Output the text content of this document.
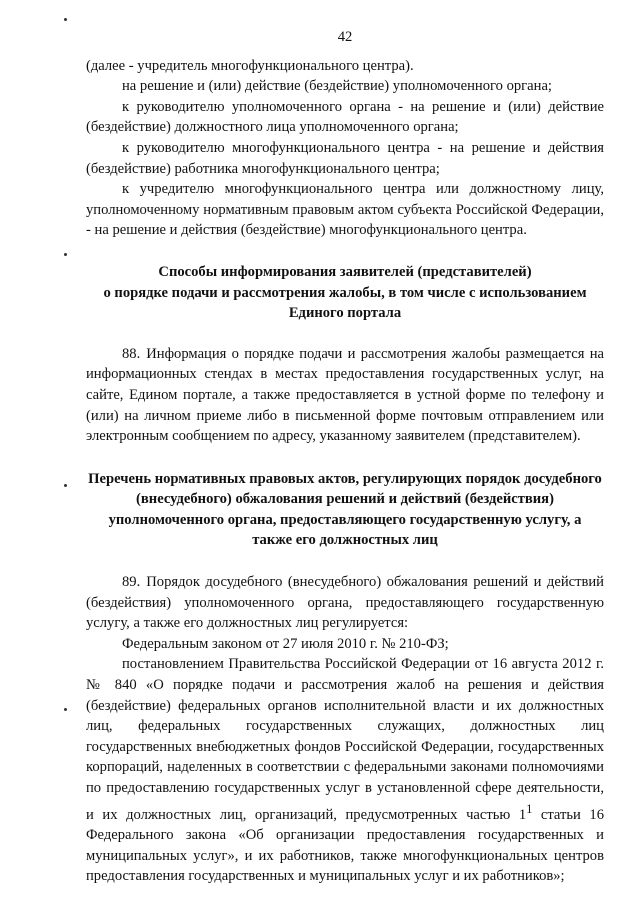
42

(далее - учредитель многофункционального центра).

на решение и (или) действие (бездействие) уполномоченного органа;

к руководителю уполномоченного органа - на решение и (или) действие (бездействие) должностного лица уполномоченного органа;

к руководителю многофункционального центра - на решение и действия (бездействие) работника многофункционального центра;

к учредителю многофункционального центра или должностному лицу, уполномоченному нормативным правовым актом субъекта Российской Федерации, - на решение и действия (бездействие) многофункционального центра.

Способы информирования заявителей (представителей)
о порядке подачи и рассмотрения жалобы, в том числе с использованием
Единого портала

88. Информация о порядке подачи и рассмотрения жалобы размещается на информационных стендах в местах предоставления государственных услуг, на сайте, Едином портале, а также предоставляется в устной форме по телефону и (или) на личном приеме либо в письменной форме почтовым отправлением или электронным сообщением по адресу, указанному заявителем (представителем).

Перечень нормативных правовых актов, регулирующих порядок досудебного
(внесудебного) обжалования решений и действий (бездействия)
уполномоченного органа, предоставляющего государственную услугу, а
также его должностных лиц

89. Порядок досудебного (внесудебного) обжалования решений и действий (бездействия) уполномоченного органа, предоставляющего государственную услугу, а также его должностных лиц регулируется:

Федеральным законом от 27 июля 2010 г. № 210-ФЗ;

постановлением Правительства Российской Федерации от 16 августа 2012 г. № 840 «О порядке подачи и рассмотрения жалоб на решения и действия (бездействие) федеральных органов исполнительной власти и их должностных лиц, федеральных государственных служащих, должностных лиц государственных внебюджетных фондов Российской Федерации, государственных корпораций, наделенных в соответствии с федеральными законами полномочиями по предоставлению государственных услуг в установленной сфере деятельности, и их должностных лиц, организаций, предусмотренных частью $1^1$ статьи 16 Федерального закона «Об организации предоставления государственных и муниципальных услуг», и их работников, также многофункциональных центров предоставления государственных и муниципальных услуг и их работников»;
